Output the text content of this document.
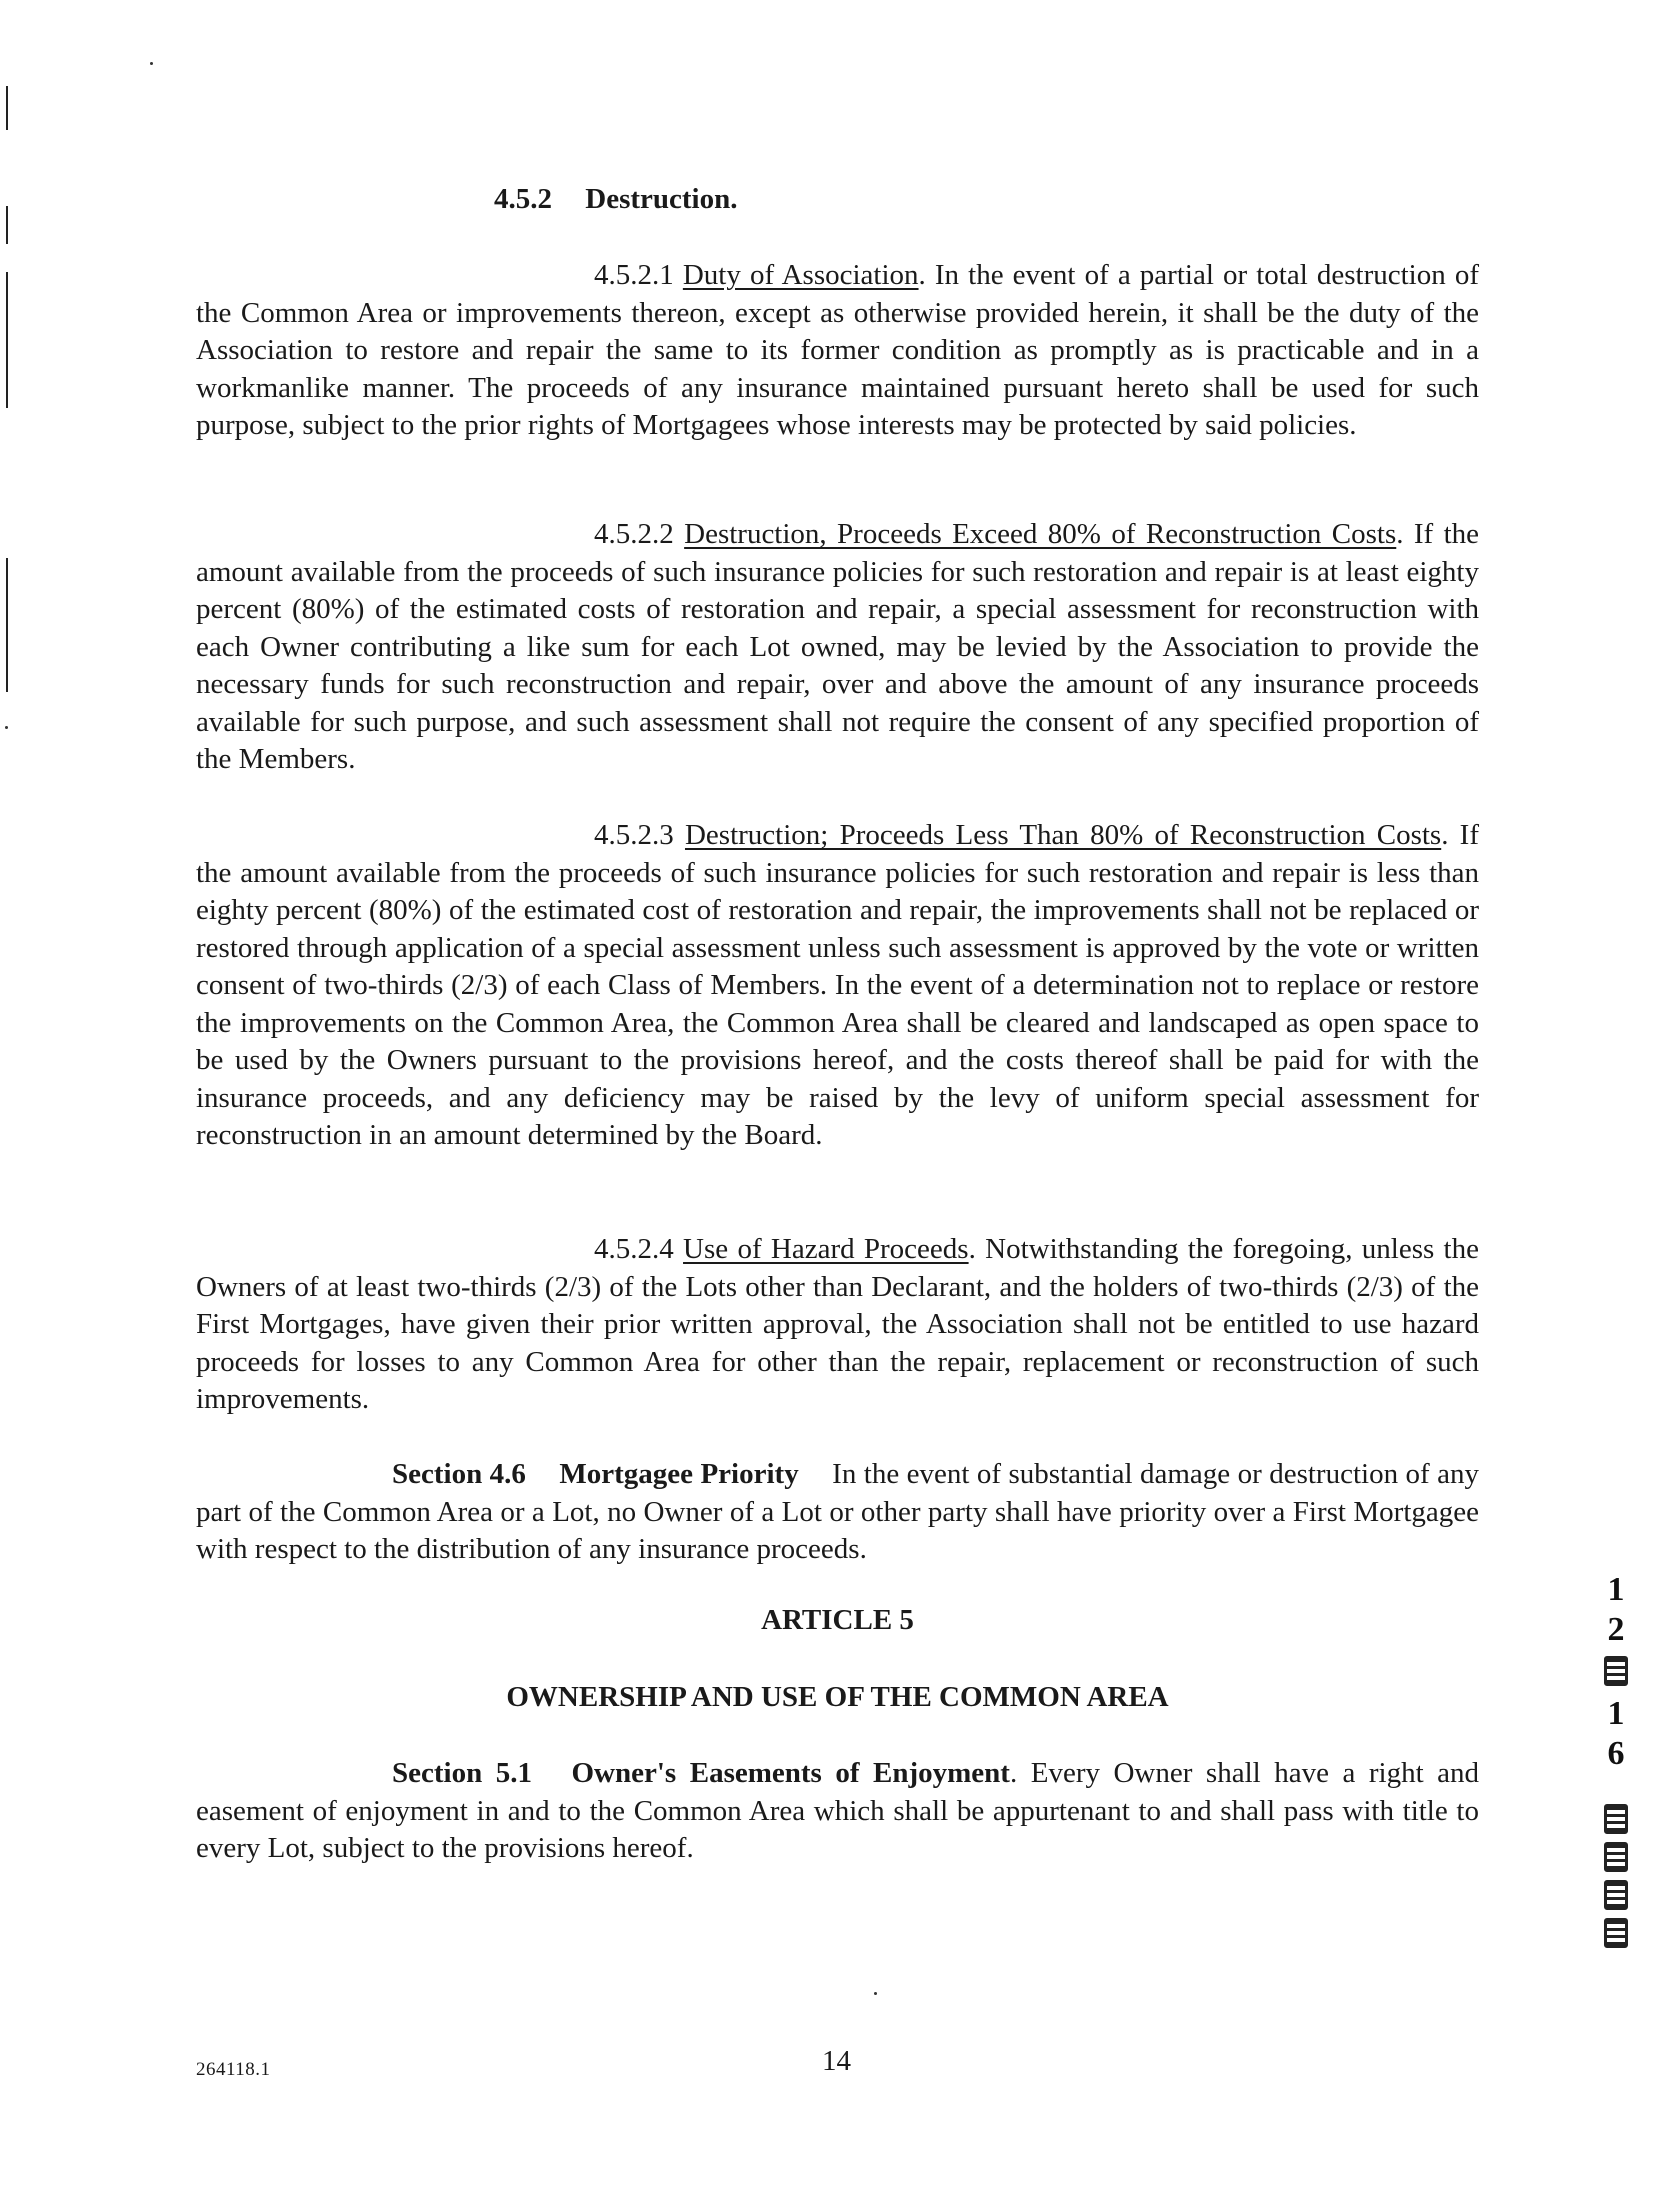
4.5.2 Destruction.
4.5.2.1 Duty of Association. In the event of a partial or total destruction of the Common Area or improvements thereon, except as otherwise provided herein, it shall be the duty of the Association to restore and repair the same to its former condition as promptly as is practicable and in a workmanlike manner. The proceeds of any insurance maintained pursuant hereto shall be used for such purpose, subject to the prior rights of Mortgagees whose interests may be protected by said policies.
4.5.2.2 Destruction, Proceeds Exceed 80% of Reconstruction Costs. If the amount available from the proceeds of such insurance policies for such restoration and repair is at least eighty percent (80%) of the estimated costs of restoration and repair, a special assessment for reconstruction with each Owner contributing a like sum for each Lot owned, may be levied by the Association to provide the necessary funds for such reconstruction and repair, over and above the amount of any insurance proceeds available for such purpose, and such assessment shall not require the consent of any specified proportion of the Members.
4.5.2.3 Destruction; Proceeds Less Than 80% of Reconstruction Costs. If the amount available from the proceeds of such insurance policies for such restoration and repair is less than eighty percent (80%) of the estimated cost of restoration and repair, the improvements shall not be replaced or restored through application of a special assessment unless such assessment is approved by the vote or written consent of two-thirds (2/3) of each Class of Members. In the event of a determination not to replace or restore the improvements on the Common Area, the Common Area shall be cleared and landscaped as open space to be used by the Owners pursuant to the provisions hereof, and the costs thereof shall be paid for with the insurance proceeds, and any deficiency may be raised by the levy of uniform special assessment for reconstruction in an amount determined by the Board.
4.5.2.4 Use of Hazard Proceeds. Notwithstanding the foregoing, unless the Owners of at least two-thirds (2/3) of the Lots other than Declarant, and the holders of two-thirds (2/3) of the First Mortgages, have given their prior written approval, the Association shall not be entitled to use hazard proceeds for losses to any Common Area for other than the repair, replacement or reconstruction of such improvements.
Section 4.6 Mortgagee Priority In the event of substantial damage or destruction of any part of the Common Area or a Lot, no Owner of a Lot or other party shall have priority over a First Mortgagee with respect to the distribution of any insurance proceeds.
ARTICLE 5
OWNERSHIP AND USE OF THE COMMON AREA
Section 5.1 Owner's Easements of Enjoyment. Every Owner shall have a right and easement of enjoyment in and to the Common Area which shall be appurtenant to and shall pass with title to every Lot, subject to the provisions hereof.
1
2
1
6
264118.1	14
